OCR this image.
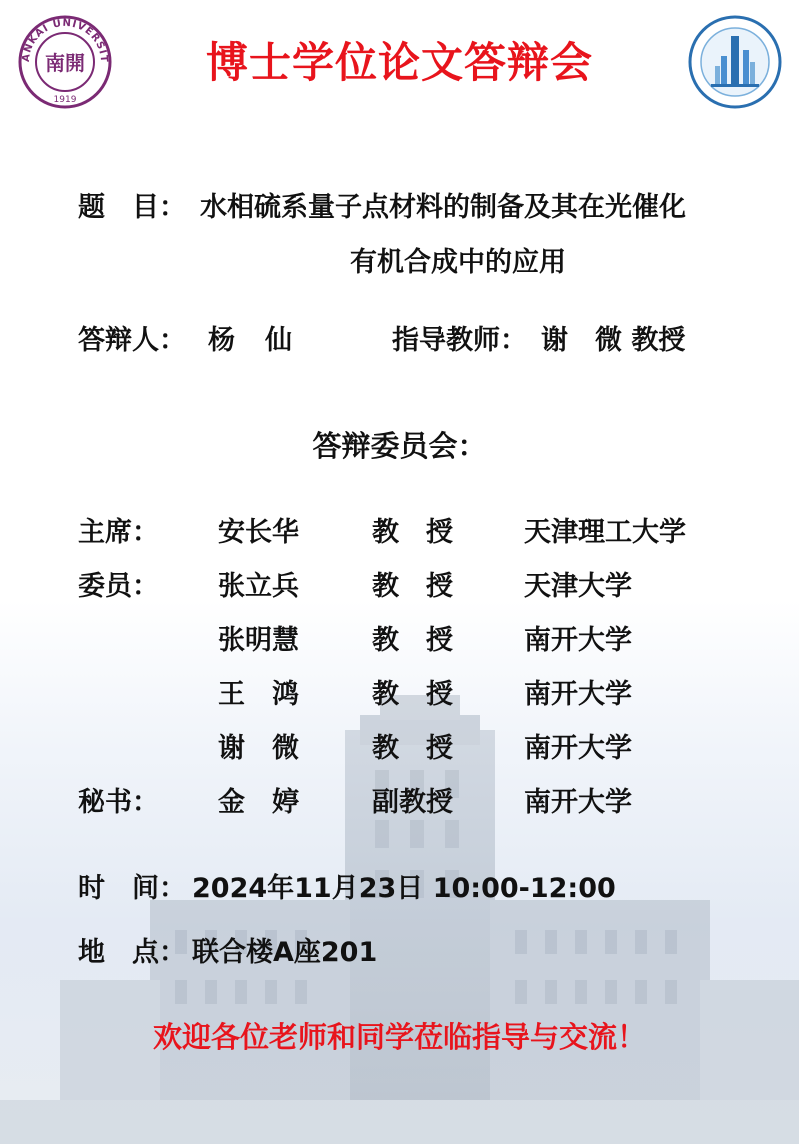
ANKAI UNIVERSIT
南開
1919
博士学位论文答辩会
题　目： 水相硫系量子点材料的制备及其在光催化
有机合成中的应用
答辩人： 杨仙	指导教师： 谢　微 教授
答辩委员会：
主席： 安长华	教　授	天津理工大学
委员： 张立兵	教　授	天津大学
张明慧	教　授	南开大学
王　鸿	教　授	南开大学
谢　微	教　授	南开大学
秘书： 金　婷	副教授	南开大学
时　间： 2024年11月23日 10:00-12:00
地　点： 联合楼A座201
欢迎各位老师和同学莅临指导与交流！
